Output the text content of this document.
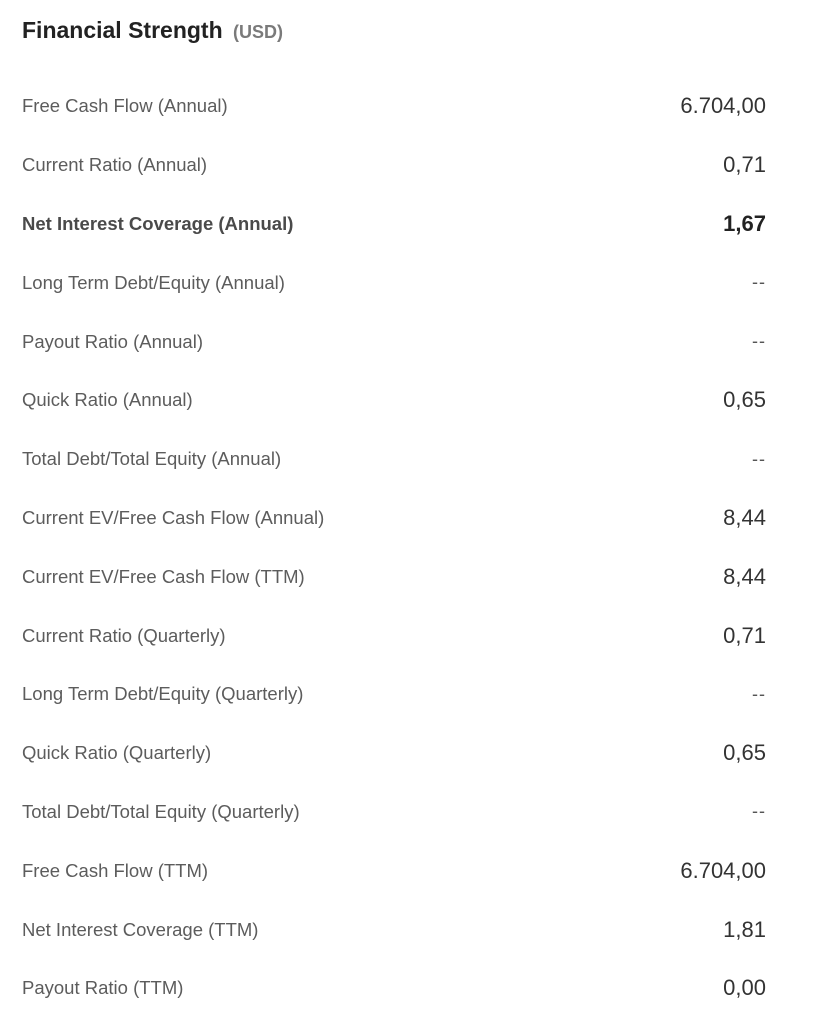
Financial Strength (USD)
Free Cash Flow (Annual)	6.704,00
Current Ratio (Annual)	0,71
Net Interest Coverage (Annual)	1,67
Long Term Debt/Equity (Annual)	--
Payout Ratio (Annual)	--
Quick Ratio (Annual)	0,65
Total Debt/Total Equity (Annual)	--
Current EV/Free Cash Flow (Annual)	8,44
Current EV/Free Cash Flow (TTM)	8,44
Current Ratio (Quarterly)	0,71
Long Term Debt/Equity (Quarterly)	--
Quick Ratio (Quarterly)	0,65
Total Debt/Total Equity (Quarterly)	--
Free Cash Flow (TTM)	6.704,00
Net Interest Coverage (TTM)	1,81
Payout Ratio (TTM)	0,00
